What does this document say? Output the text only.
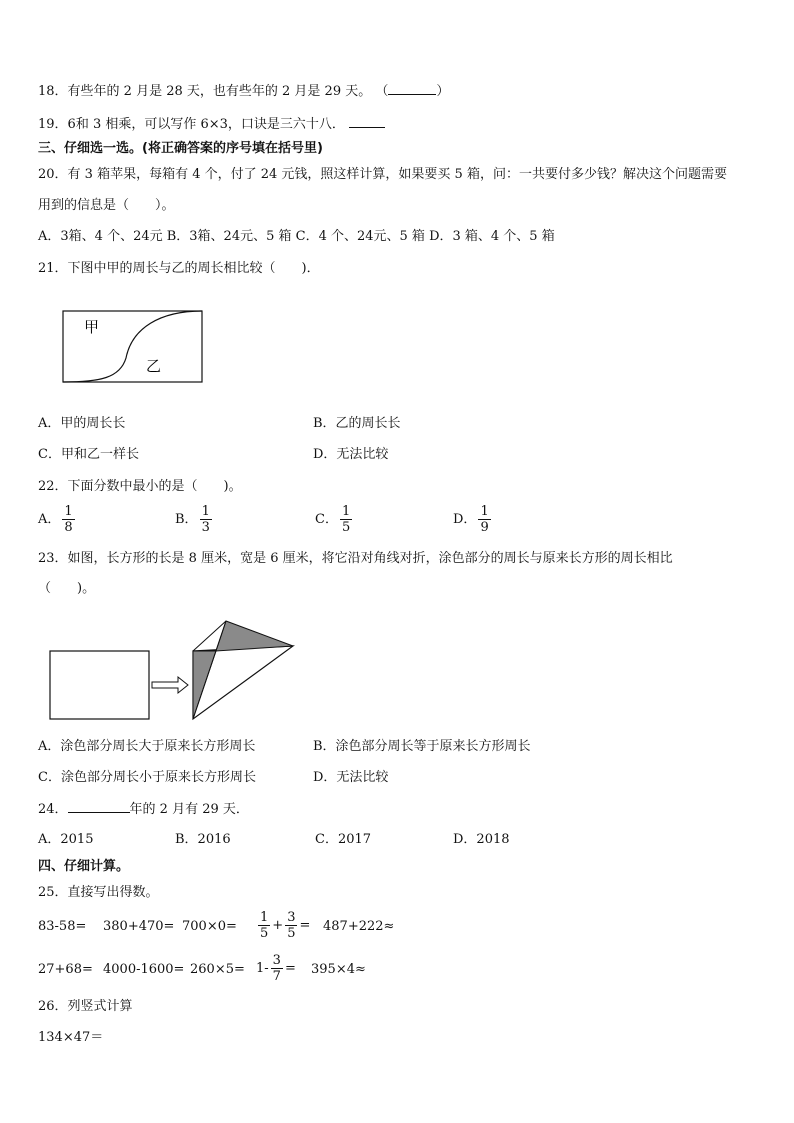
18．有些年的 2 月是 28 天，也有些年的 2 月是 29 天。 （	）
19．6和 3 相乘，可以写作 6×3，口诀是三六十八．
三、仔细选一选。(将正确答案的序号填在括号里)
20．有 3 箱苹果，每箱有 4 个，付了 24 元钱，照这样计算，如果要买 5 箱，问：一共要付多少钱？解决这个问题需要
用到的信息是（　　）。
A．3箱、4 个、24元 B．3箱、24元、5 箱 C．4 个、24元、5 箱 D．3 箱、4 个、5 箱
21．下图中甲的周长与乙的周长相比较（　　)．
甲
乙
A．甲的周长长	B．乙的周长长
C．甲和乙一样长	D．无法比较
22．下面分数中最小的是（　　)。
A． $\frac{1}{8}$	B． $\frac{1}{3}$	C． $\frac{1}{5}$	D． $\frac{1}{9}$
23．如图，长方形的长是 8 厘米，宽是 6 厘米，将它沿对角线对折，涂色部分的周长与原来长方形的周长相比
（　　)。
A．涂色部分周长大于原来长方形周长	B．涂色部分周长等于原来长方形周长
C．涂色部分周长小于原来长方形周长	D．无法比较
24．	年的 2 月有 29 天．
A．2015	B．2016	C．2017	D．2018
四、仔细计算。
25．直接写出得数。
$83-58= 380+470= 700\times 0= \frac{1}{5} + \frac{3}{5} = 487+222\approx$
$27+68= 4000-1600= 260\times 5= 1- \frac{3}{7} = 395\times 4\approx$
26．列竖式计算
134×47＝
